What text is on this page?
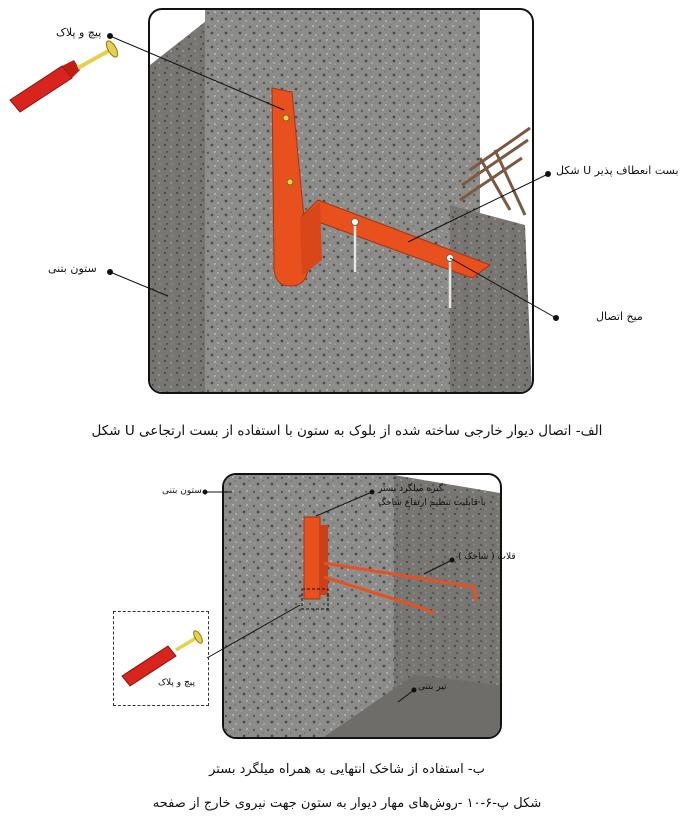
پیچ و پلاک
بست انعطاف پذیر U شکل
ستون بتنی
میخ اتصال
ستون بتنی	گیره میلگرد بستر
با قابلیت تنظیم ارتفاع شاخک
قلاب ( شاخک )
تیر بتنی
پیچ و پلاک
الف- اتصال دیوار خارجی ساخته شده از بلوک به ستون با استفاده از بست ارتجاعی U شکل
ب- استفاده از شاخک انتهایی به همراه میلگرد بستر
شکل پ-۶-۱۰ -روش‌های مهار دیوار به ستون جهت نیروی خارج از صفحه
